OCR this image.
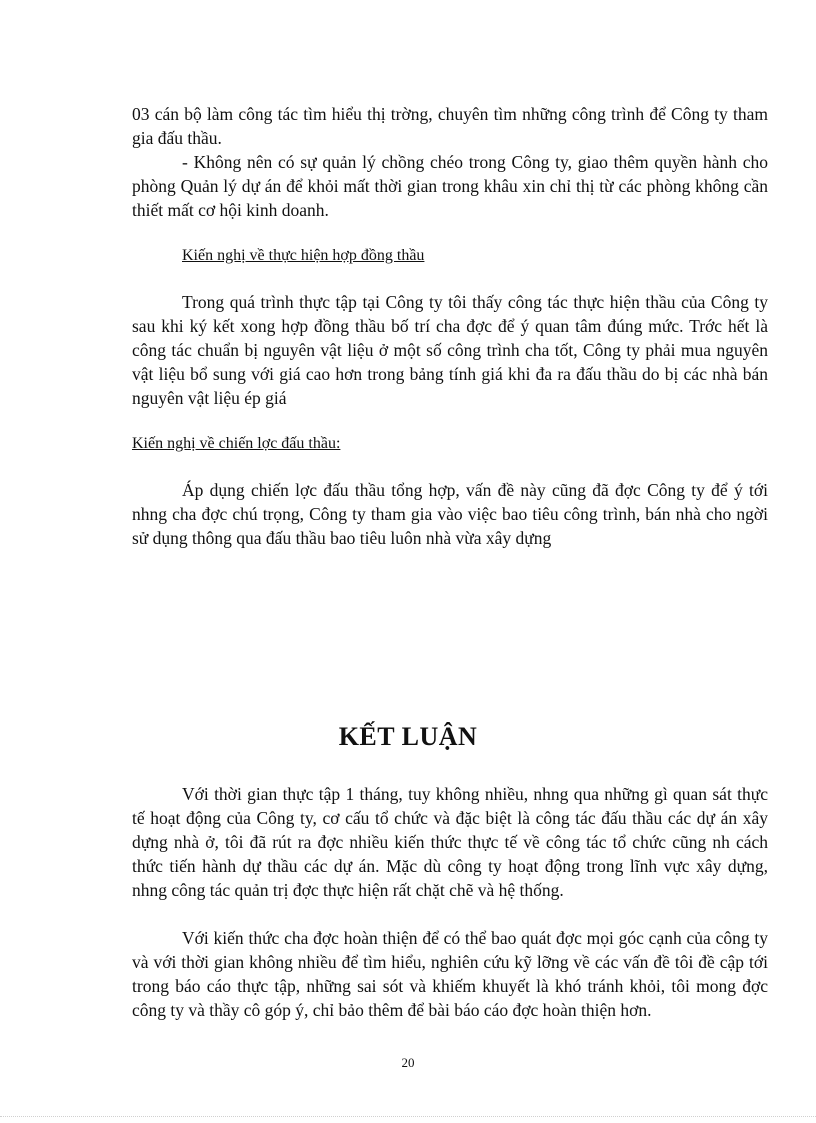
03 cán bộ làm công tác tìm hiểu thị trờng, chuyên tìm những công trình để Công ty tham gia đấu thầu.

- Không nên có sự quản lý chồng chéo trong Công ty, giao thêm quyền hành cho phòng Quản lý dự án để khỏi mất thời gian trong khâu xin chỉ thị từ các phòng không cần thiết mất cơ hội kinh doanh.

Kiến nghị về thực hiện hợp đồng thầu

Trong quá trình thực tập tại Công ty tôi thấy công tác thực hiện thầu của Công ty sau khi ký kết xong hợp đồng thầu bố trí cha đợc để ý quan tâm đúng mức. Trớc hết là công tác chuẩn bị nguyên vật liệu ở một số công trình cha tốt, Công ty phải mua nguyên vật liệu bổ sung với giá cao hơn trong bảng tính giá khi đa ra đấu thầu do bị các nhà bán nguyên vật liệu ép giá

Kiến nghị về chiến lợc đấu thầu:

Áp dụng chiến lợc đấu thầu tổng hợp, vấn đề này cũng đã đợc Công ty để ý tới nhng cha đợc chú trọng, Công ty tham gia vào việc bao tiêu công trình, bán nhà cho ngời sử dụng thông qua đấu thầu bao tiêu luôn nhà vừa xây dựng

KẾT LUẬN

Với thời gian thực tập 1 tháng, tuy không nhiều, nhng qua những gì quan sát thực tế hoạt động của Công ty, cơ cấu tổ chức và đặc biệt là công tác đấu thầu các dự án xây dựng nhà ở, tôi đã rút ra đợc nhiều kiến thức thực tế về công tác tổ chức cũng nh cách thức tiến hành dự thầu các dự án. Mặc dù công ty hoạt động trong lĩnh vực xây dựng, nhng công tác quản trị đợc thực hiện rất chặt chẽ và hệ thống.

Với kiến thức cha đợc hoàn thiện để có thể bao quát đợc mọi góc cạnh của công ty và với thời gian không nhiều để tìm hiểu, nghiên cứu kỹ lỡng về các vấn đề tôi đề cập tới trong báo cáo thực tập, những sai sót và khiếm khuyết là khó tránh khỏi, tôi mong đợc công ty và thầy cô góp ý, chỉ bảo thêm để bài báo cáo đợc hoàn thiện hơn.

20
